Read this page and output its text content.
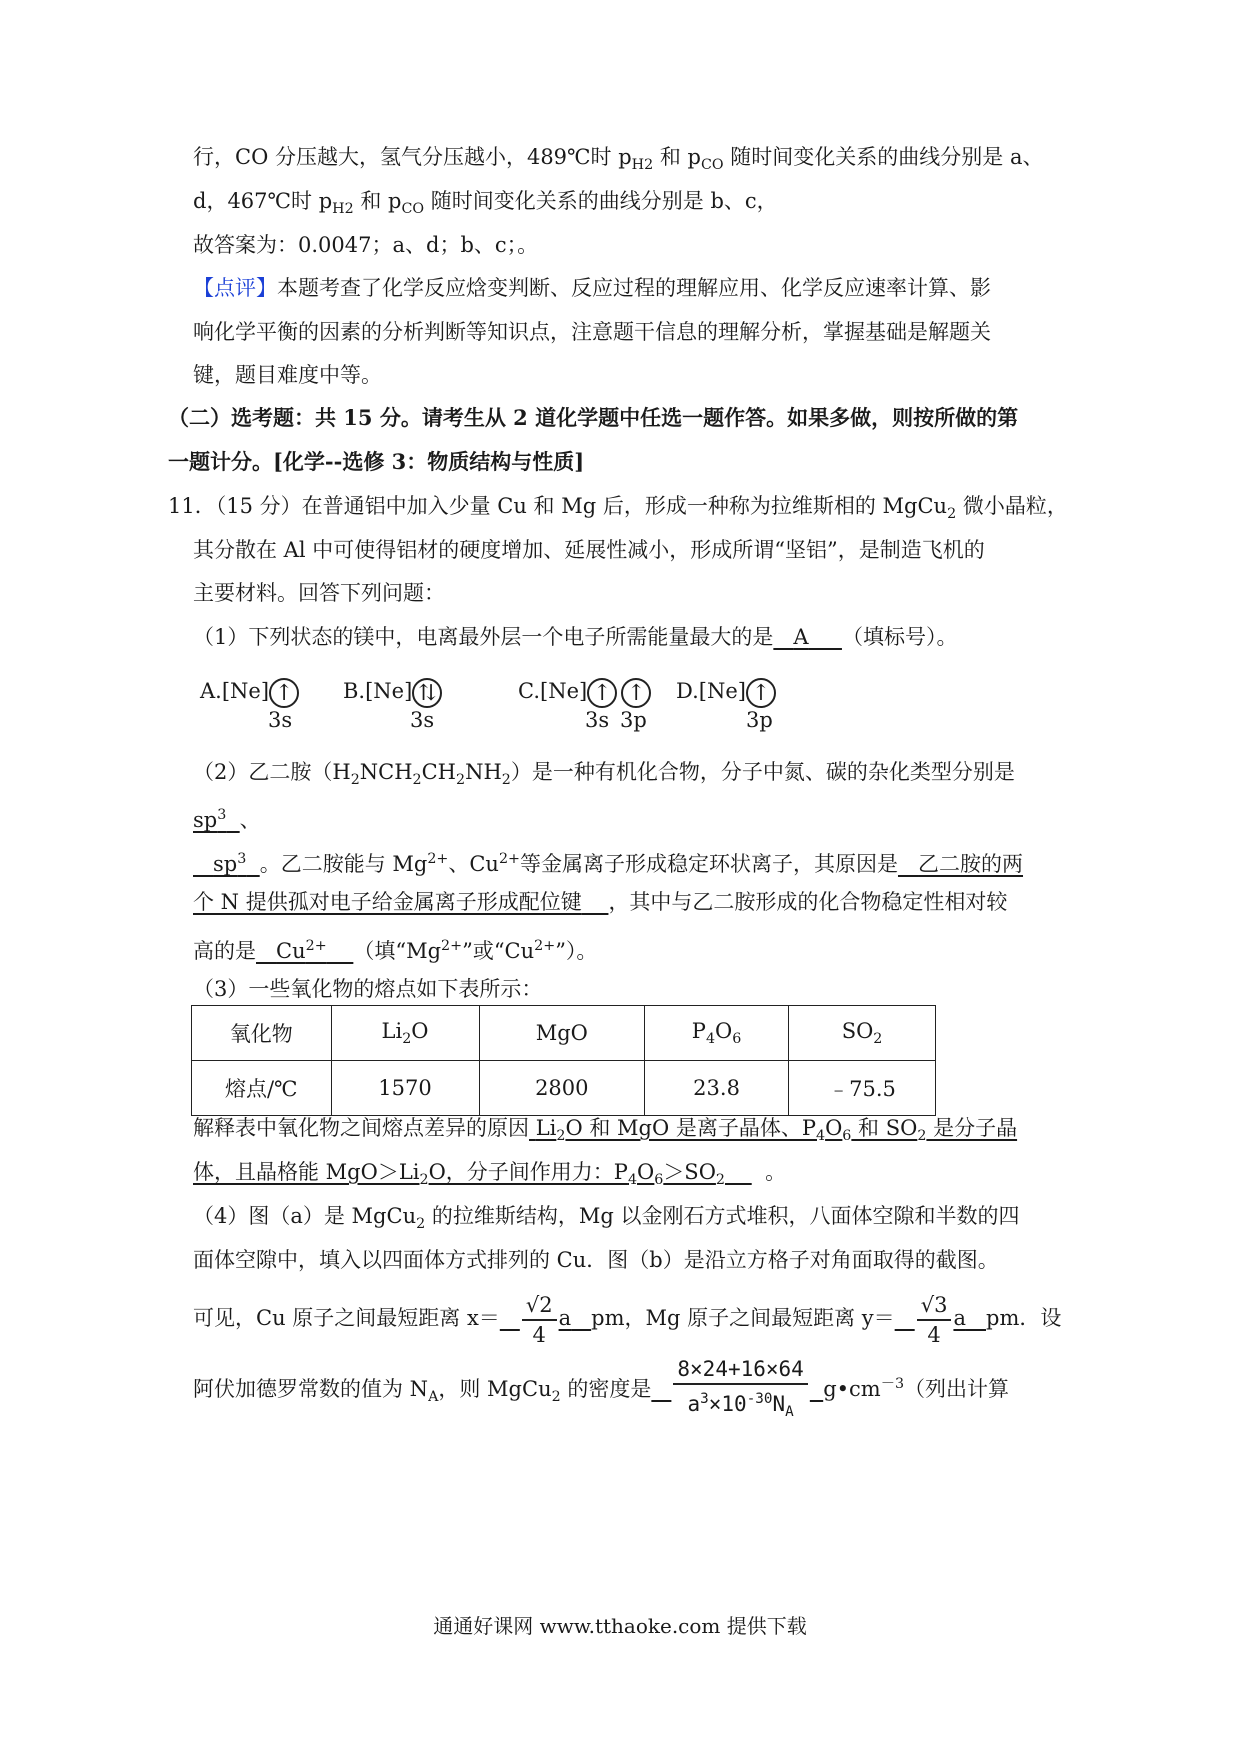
行，CO 分压越大，氢气分压越小，489℃时 $p_{H2}$ 和 $p_{CO}$ 随时间变化关系的曲线分别是 a、
d，467℃时 $p_{H2}$ 和 $p_{CO}$ 随时间变化关系的曲线分别是 b、c，
故答案为：0.0047；a、d；b、c；。
【点评】本题考查了化学反应焓变判断、反应过程的理解应用、化学反应速率计算、影
响化学平衡的因素的分析判断等知识点，注意题干信息的理解分析，掌握基础是解题关
键，题目难度中等。
（二）选考题：共 15 分。请考生从 2 道化学题中任选一题作答。如果多做，则按所做的第
一题计分。[化学--选修 3：物质结构与性质]
11．（15 分）在普通铝中加入少量 Cu 和 Mg 后，形成一种称为拉维斯相的 MgCu$_2$ 微小晶粒，
其分散在 Al 中可使得铝材的硬度增加、延展性减小，形成所谓“坚铝”，是制造飞机的
主要材料。回答下列问题：
（1）下列状态的镁中，电离最外层一个电子所需能量最大的是 A （填标号）。
A.[Ne] ↑
3s
B.[Ne] ⇅
3s
C.[Ne] ↑ ↑
3s 3p
D.[Ne] ↑
3p
（2）乙二胺$(H_2NCH_2CH_2NH_2)$是一种有机化合物，分子中氮、碳的杂化类型分别是
$sp^3$ 、
$sp^3$ 。乙二胺能与 $Mg^{2+}$、$Cu^{2+}$等金属离子形成稳定环状离子，其原因是 乙二胺的两
个 N 提供孤对电子给金属离子形成配位键 ，其中与乙二胺形成的化合物稳定性相对较
高的是 $Cu^{2+}$ （填“$Mg^{2+}$”或“$Cu^{2+}$”）。
（3）一些氧化物的熔点如下表所示：
氧化物	$Li_2O$	MgO	$P_4O_6$	$SO_2$
熔点/℃	1570	2800	23.8	﹣75.5
解释表中氧化物之间熔点差异的原因 $Li_2O$ 和 MgO 是离子晶体、$P_4O_6$ 和 $SO_2$ 是分子晶
体，且晶格能 $MgO>Li_2O$，分子间作用力：$P_4O_6>SO_2$ 。
（4）图（a）是 MgCu$_2$ 的拉维斯结构，Mg 以金刚石方式堆积，八面体空隙和半数的四
面体空隙中，填入以四面体方式排列的 Cu．图（b）是沿立方格子对角面取得的截图。
可见，Cu 原子之间最短距离 $x= \frac{√2}{4}$ a pm，Mg 原子之间最短距离 $y= \frac{√3}{4}$ a pm．设
阿伏加德罗常数的值为 $N_A$，则 MgCu$_2$ 的密度是 $\frac{8\times 24+16\times 64}{a^3\times 10^{-30}N_A}$ $g•cm^{-3}$（列出计算
通通好课网 www.tthaoke.com 提供下载
